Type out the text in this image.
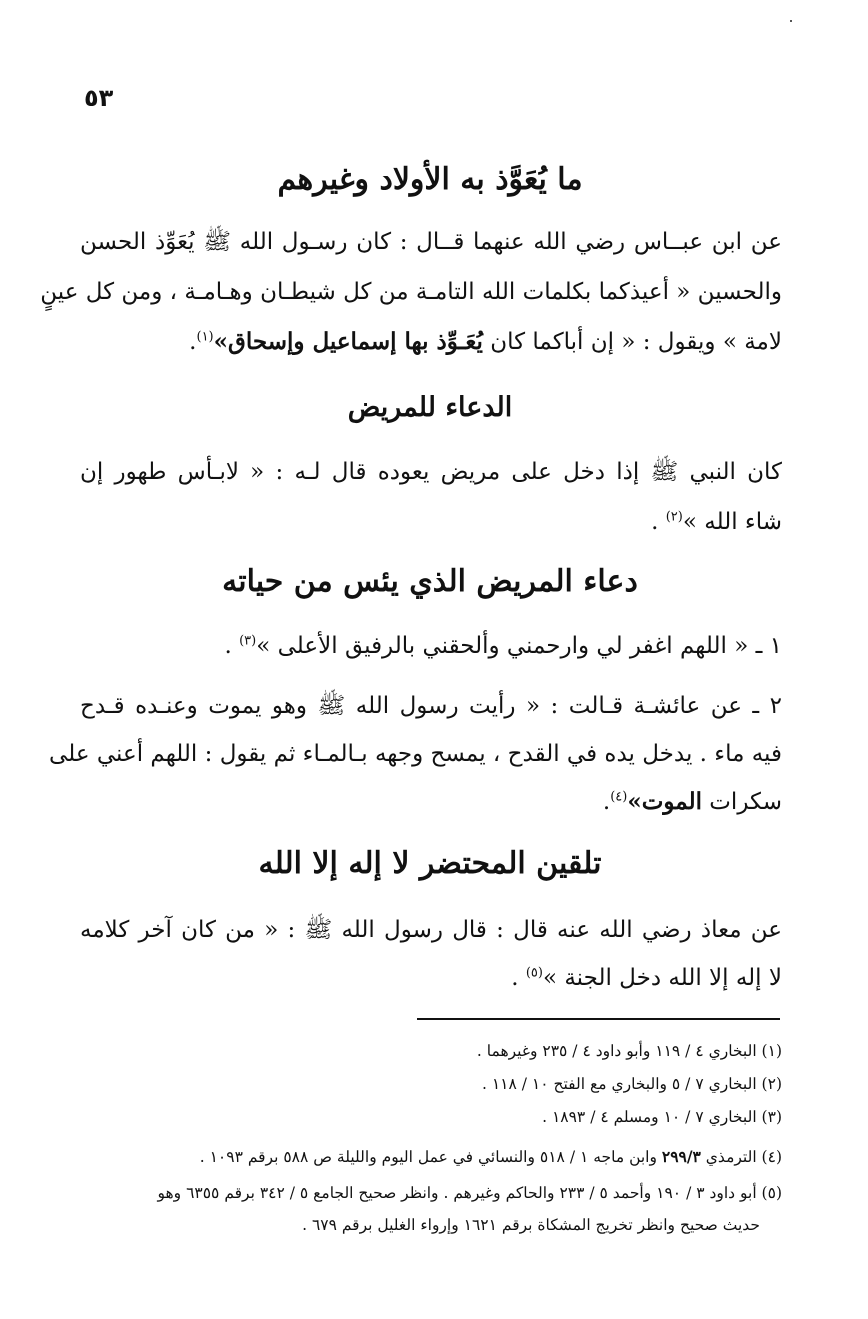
٥٣
ما يُعَوَّذ به الأولاد وغيرهم
عن ابن عبــاس رضي الله عنهما قــال : كان رسـول الله ﷺ يُعَوِّذ الحسن
والحسين « أعيذكما بكلمات الله التامـة من كل شيطـان وهـامـة ، ومن كل عينٍ
لامة » ويقول : « إن أباكما كان يُعَـوِّذ بها إسماعيل وإسحاق»$^{(١)}$.
الدعاء للمريض
كان النبي ﷺ إذا دخل على مريض يعوده قال لـه : « لابـأس طهور إن
شاء الله »$^{(٢)}$ .
دعاء المريض الذي يئس من حياته
١ ـ « اللهم اغفر لي وارحمني وألحقني بالرفيق الأعلى »$^{(٣)}$ .
٢ ـ عن عائشـة قـالت : « رأيت رسول الله ﷺ وهو يموت وعنـده قـدح
فيه ماء . يدخل يده في القدح ، يمسح وجهه بـالمـاء ثم يقول : اللهم أعني على
سكرات الموت»$^{(٤)}$.
تلقين المحتضر لا إله إلا الله
عن معاذ رضي الله عنه قال : قال رسول الله ﷺ : « من كان آخر كلامه
لا إله إلا الله دخل الجنة »$^{(٥)}$ .
(١) البخاري ٤ / ١١٩ وأبو داود ٤ / ٢٣٥ وغيرهما .
(٢) البخاري ٧ / ٥ والبخاري مع الفتح ١٠ / ١١٨ .
(٣) البخاري ٧ / ١٠ ومسلم ٤ / ١٨٩٣ .
(٤) الترمذي ٢٩٩/٣ وابن ماجه ١ / ٥١٨ والنسائي في عمل اليوم والليلة ص ٥٨٨ برقم ١٠٩٣ .
(٥) أبو داود ٣ / ١٩٠ وأحمد ٥ / ٢٣٣ والحاكم وغيرهم . وانظر صحيح الجامع ٥ / ٣٤٢ برقم ٦٣٥٥ وهو
حديث صحيح وانظر تخريج المشكاة برقم ١٦٢١ وإرواء الغليل برقم ٦٧٩ .
